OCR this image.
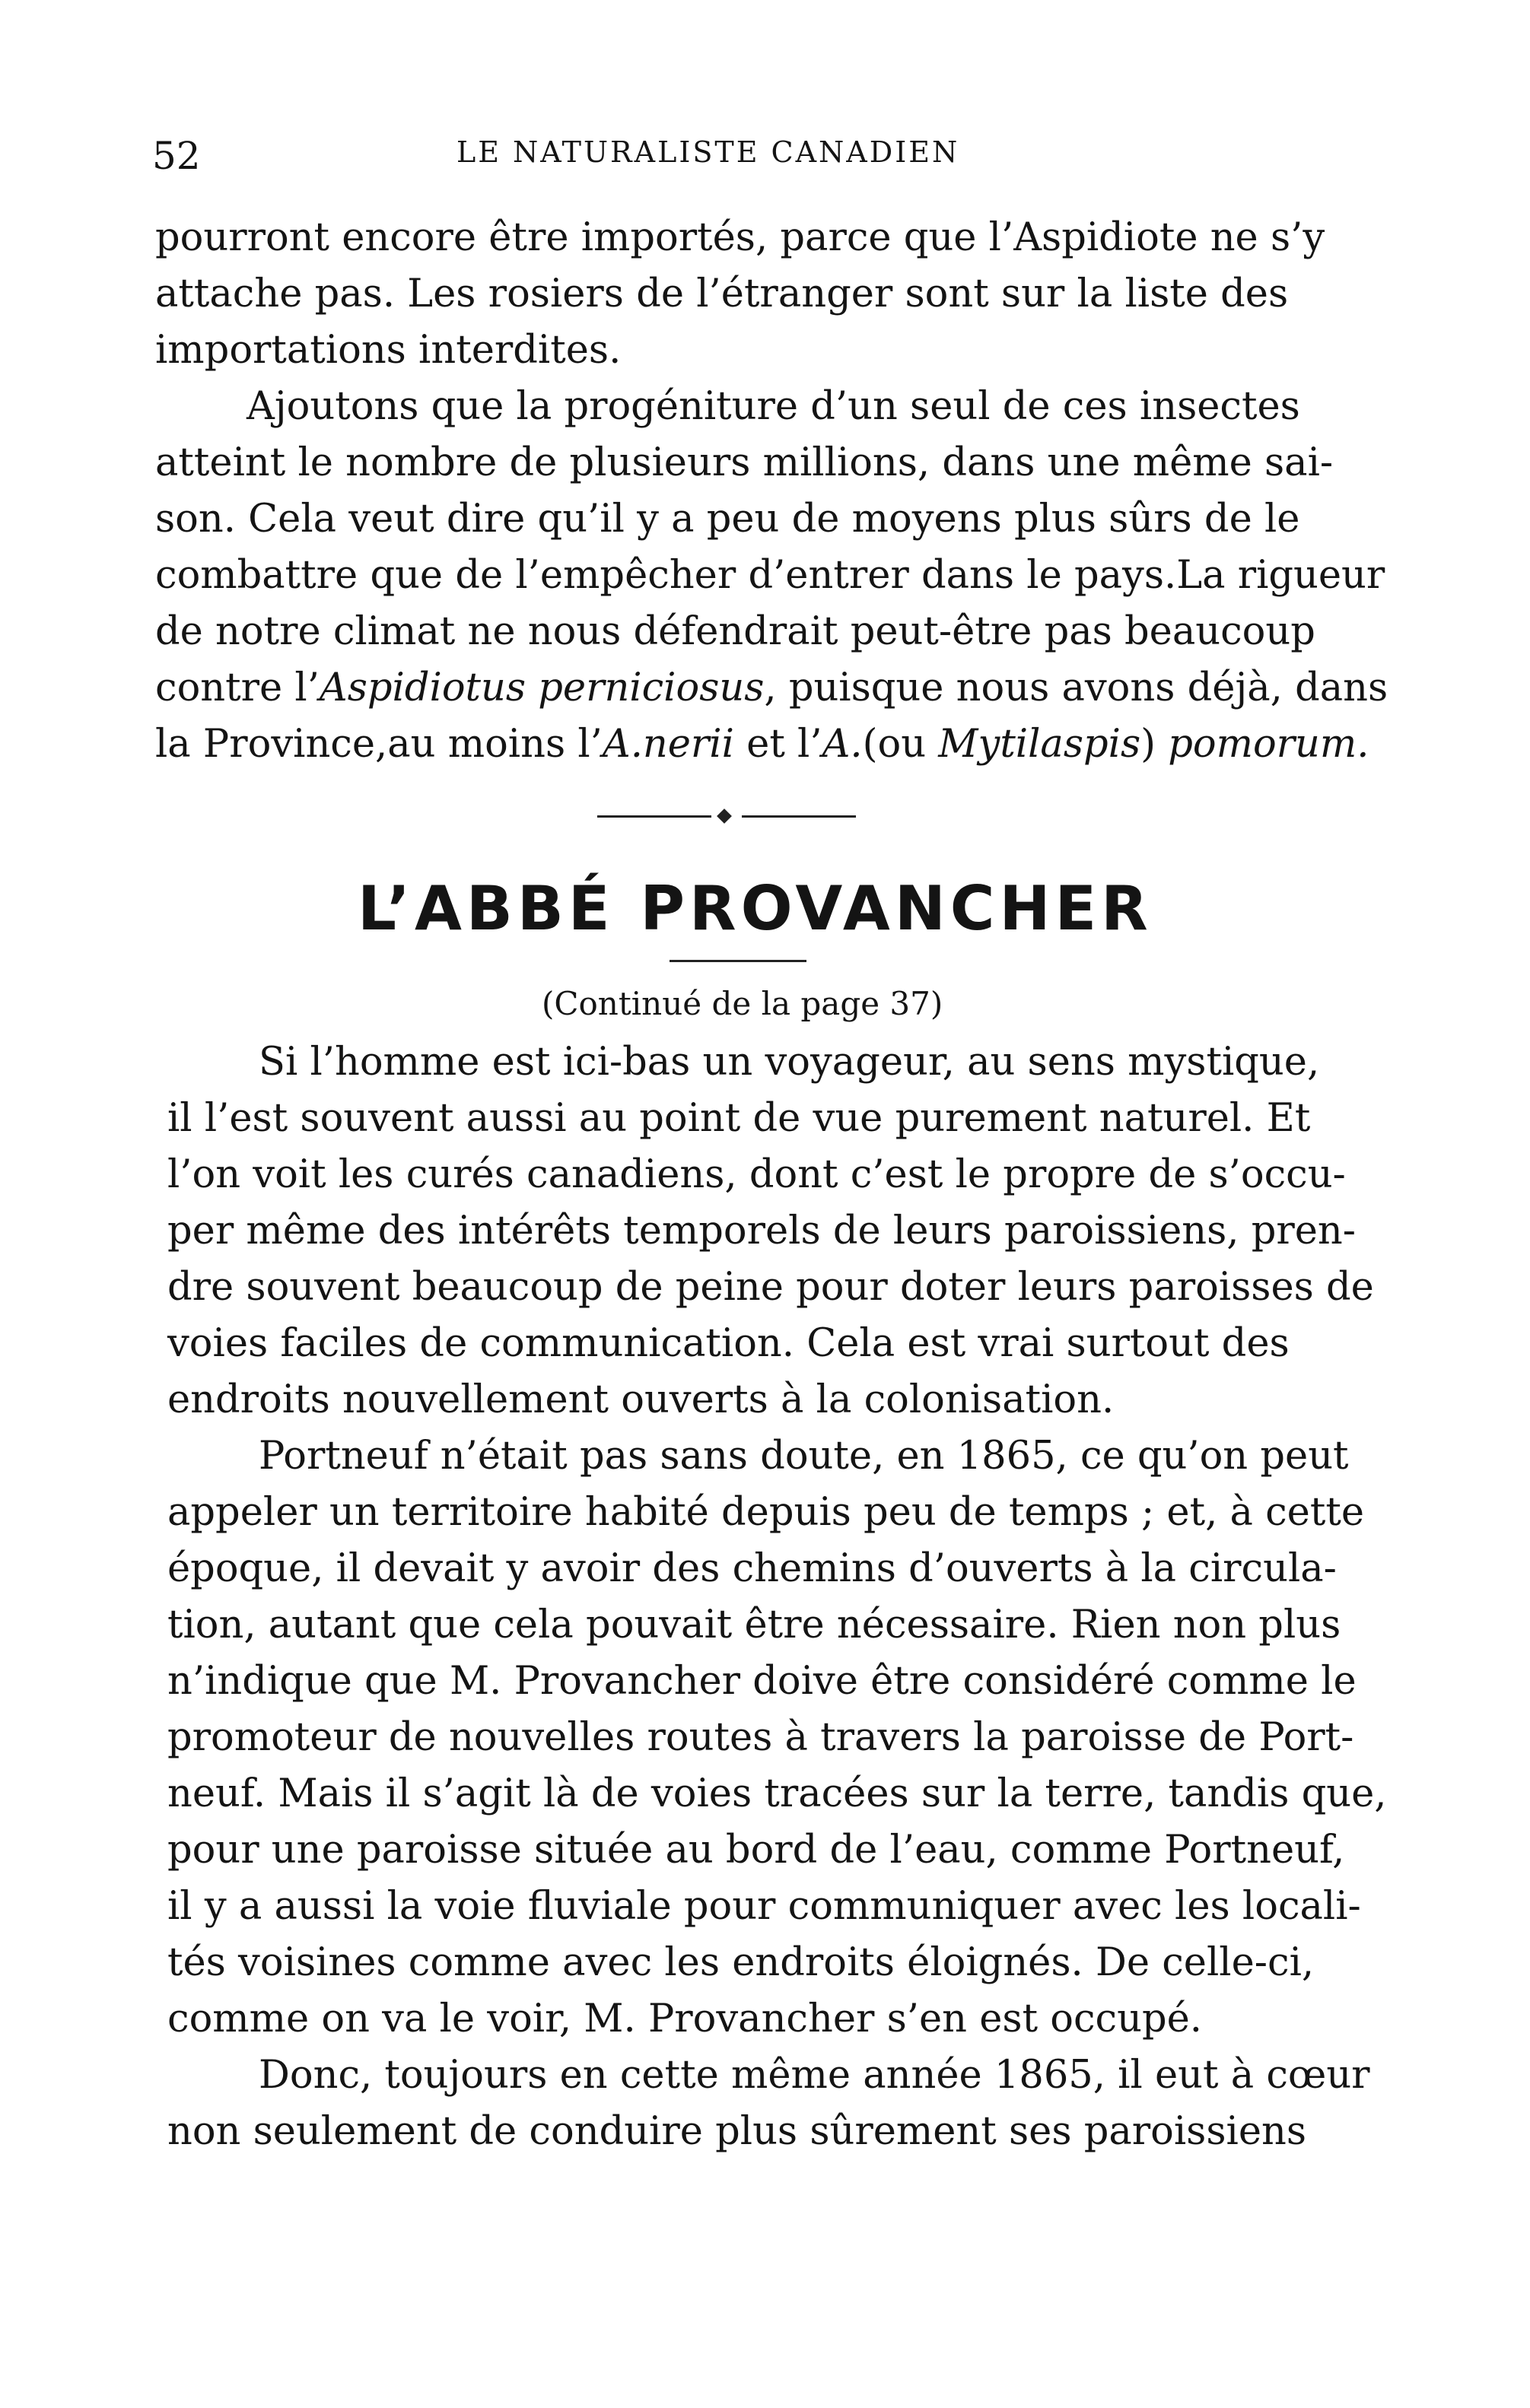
52	LE NATURALISTE CANADIEN

pourront encore être importés, parce que l’Aspidiote ne s’y
attache pas. Les rosiers de l’étranger sont sur la liste des
importations interdites.

Ajoutons que la progéniture d’un seul de ces insectes
atteint le nombre de plusieurs millions, dans une même sai-
son. Cela veut dire qu’il y a peu de moyens plus sûrs de le
combattre que de l’empêcher d’entrer dans le pays.La rigueur
de notre climat ne nous défendrait peut-être pas beaucoup
contre l’Aspidiotus perniciosus, puisque nous avons déjà, dans
la Province,au moins l’A.nerii et l’A.(ou Mytilaspis) pomorum.

L’ABBÉ PROVANCHER
(Continué de la page 37)

Si l’homme est ici-bas un voyageur, au sens mystique,
il l’est souvent aussi au point de vue purement naturel. Et
l’on voit les curés canadiens, dont c’est le propre de s’occu-
per même des intérêts temporels de leurs paroissiens, pren-
dre souvent beaucoup de peine pour doter leurs paroisses de
voies faciles de communication. Cela est vrai surtout des
endroits nouvellement ouverts à la colonisation.

Portneuf n’était pas sans doute, en 1865, ce qu’on peut
appeler un territoire habité depuis peu de temps ; et, à cette
époque, il devait y avoir des chemins d’ouverts à la circula-
tion, autant que cela pouvait être nécessaire. Rien non plus
n’indique que M. Provancher doive être considéré comme le
promoteur de nouvelles routes à travers la paroisse de Port-
neuf. Mais il s’agit là de voies tracées sur la terre, tandis que,
pour une paroisse située au bord de l’eau, comme Portneuf,
il y a aussi la voie fluviale pour communiquer avec les locali-
tés voisines comme avec les endroits éloignés. De celle-ci,
comme on va le voir, M. Provancher s’en est occupé.

Donc, toujours en cette même année 1865, il eut à cœur
non seulement de conduire plus sûrement ses paroissiens
